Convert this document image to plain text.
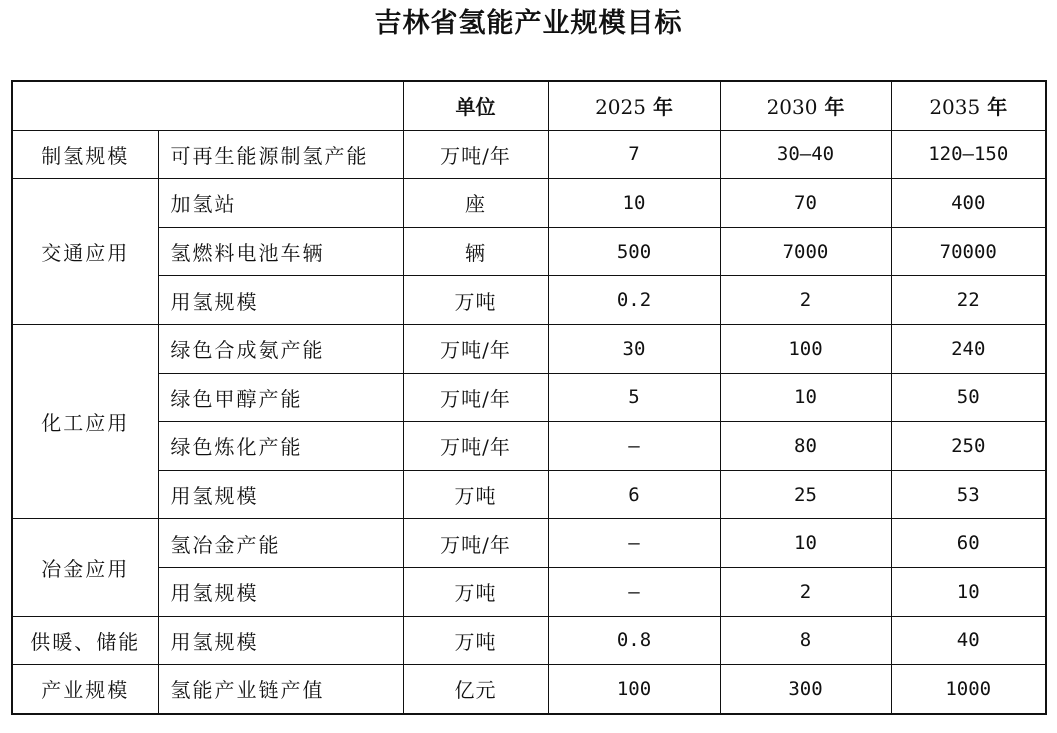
吉林省氢能产业规模目标
		单位	2025 年	2030 年	2035 年
制氢规模	可再生能源制氢产能	万吨/年	7	30—40	120—150
交通应用	加氢站	座	10	70	400
	氢燃料电池车辆	辆	500	7000	70000
	用氢规模	万吨	0.2	2	22
化工应用	绿色合成氨产能	万吨/年	30	100	240
	绿色甲醇产能	万吨/年	5	10	50
	绿色炼化产能	万吨/年	—	80	250
	用氢规模	万吨	6	25	53
冶金应用	氢冶金产能	万吨/年	—	10	60
	用氢规模	万吨	—	2	10
供暖、储能	用氢规模	万吨	0.8	8	40
产业规模	氢能产业链产值	亿元	100	300	1000
